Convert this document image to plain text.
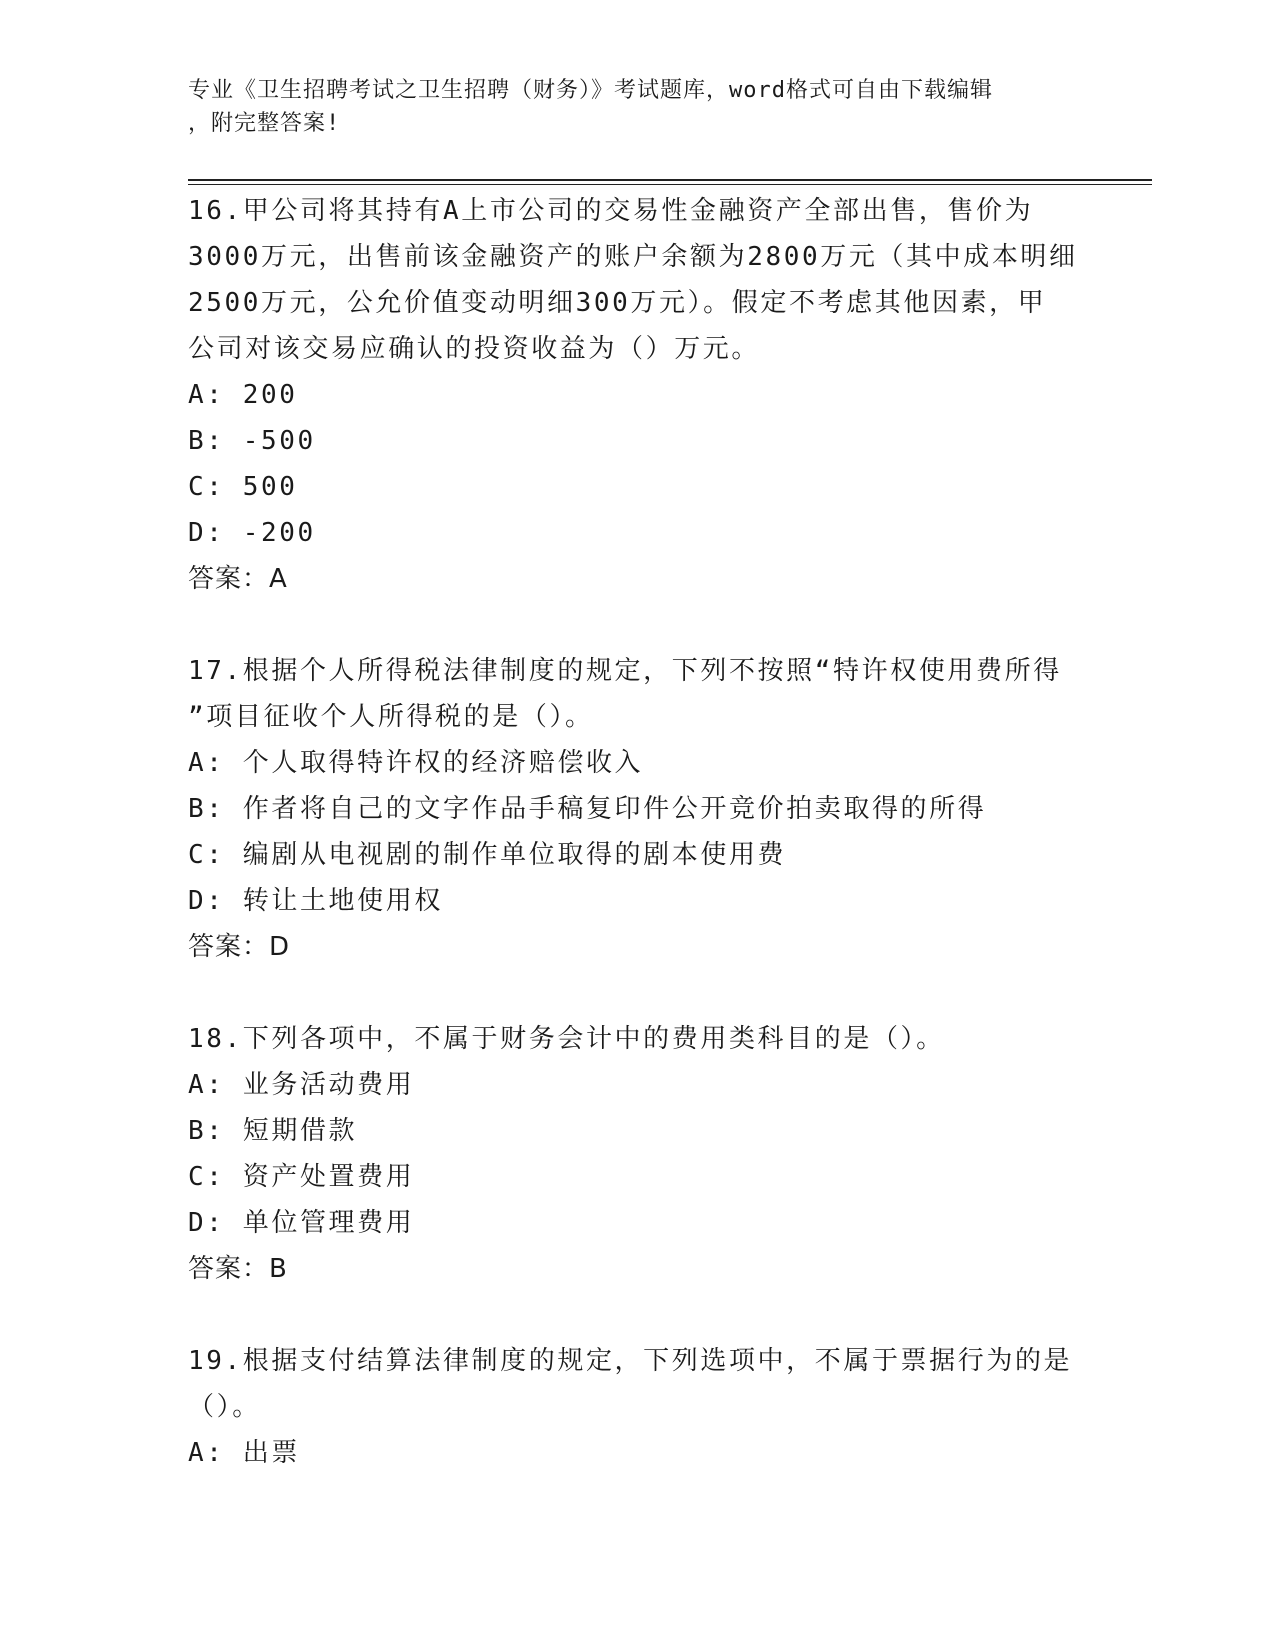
专业《卫生招聘考试之卫生招聘（财务）》考试题库，word格式可自由下载编辑
，附完整答案!
16.甲公司将其持有A上市公司的交易性金融资产全部出售，售价为
3000万元，出售前该金融资产的账户余额为2800万元（其中成本明细
2500万元，公允价值变动明细300万元）。假定不考虑其他因素，甲
公司对该交易应确认的投资收益为（）万元。
A: 200
B: -500
C: 500
D: -200
答案：A
17.根据个人所得税法律制度的规定，下列不按照“特许权使用费所得
”项目征收个人所得税的是（）。
A: 个人取得特许权的经济赔偿收入
B: 作者将自己的文字作品手稿复印件公开竞价拍卖取得的所得
C: 编剧从电视剧的制作单位取得的剧本使用费
D: 转让土地使用权
答案：D
18.下列各项中，不属于财务会计中的费用类科目的是（）。
A: 业务活动费用
B: 短期借款
C: 资产处置费用
D: 单位管理费用
答案：B
19.根据支付结算法律制度的规定，下列选项中，不属于票据行为的是
（）。
A: 出票
